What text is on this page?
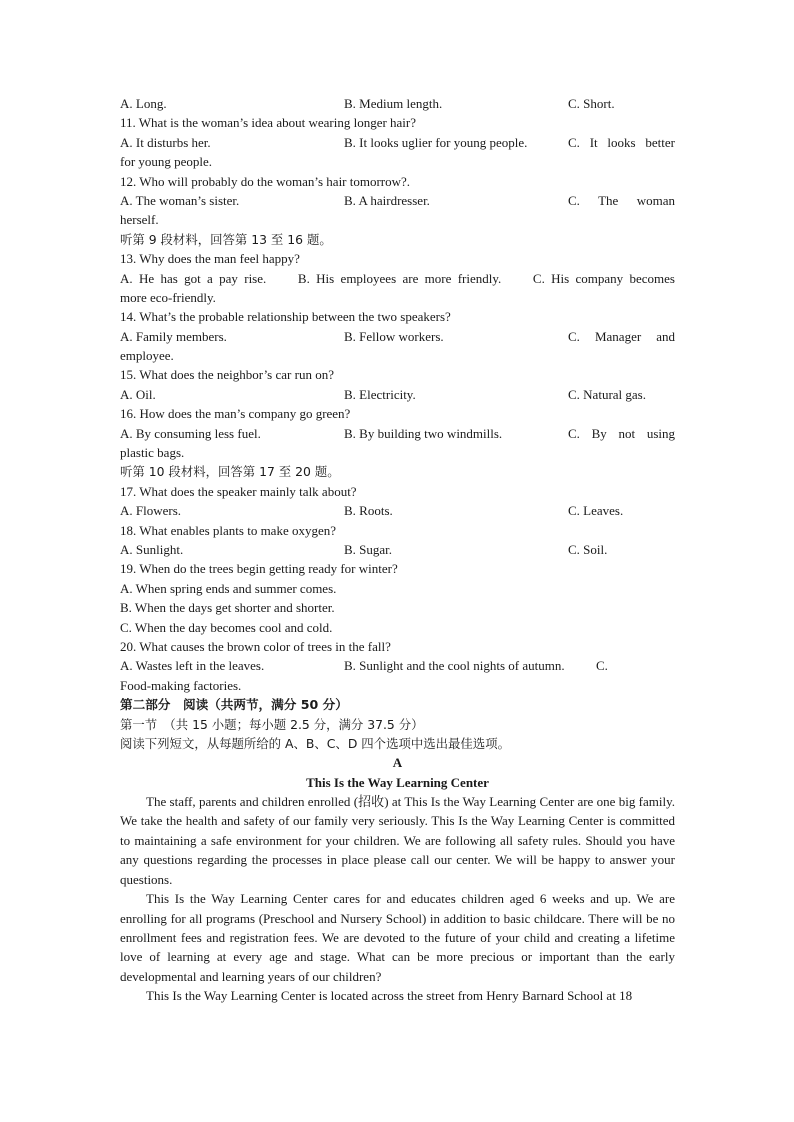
A. Long.	B. Medium length.	C. Short.
11. What is the woman’s idea about wearing longer hair?
A. It disturbs her.	B. It looks uglier for young people.	C. It looks better
for young people.
12. Who will probably do the woman’s hair tomorrow?.
A. The woman’s sister.	B. A hairdresser.	C. The woman
herself.
听第 9 段材料，回答第 13 至 16 题。
13. Why does the man feel happy?
A. He has got a pay rise.     B. His employees are more friendly.     C. His company becomes
more eco-friendly.
14. What’s the probable relationship between the two speakers?
A. Family members.	B. Fellow workers.	C. Manager and
employee.
15. What does the neighbor’s car run on?
A. Oil.	B. Electricity.	C. Natural gas.
16. How does the man’s company go green?
A. By consuming less fuel.	B. By building two windmills.	C. By not using
plastic bags.
听第 10 段材料，回答第 17 至 20 题。
17. What does the speaker mainly talk about?
A. Flowers.	B. Roots.	C. Leaves.
18. What enables plants to make oxygen?
A. Sunlight.	B. Sugar.	C. Soil.
19. When do the trees begin getting ready for winter?
A. When spring ends and summer comes.
B. When the days get shorter and shorter.
C. When the day becomes cool and cold.
20. What causes the brown color of trees in the fall?
A. Wastes left in the leaves.	B. Sunlight and the cool nights of autumn.	C.
Food-making factories.
第二部分　阅读（共两节，满分 50 分）
第一节　（共 15 小题；每小题 2.5 分，满分 37.5 分）
阅读下列短文，从每题所给的 A、B、C、D 四个选项中选出最佳选项。
A
This Is the Way Learning Center
The staff, parents and children enrolled (招收) at This Is the Way Learning Center are one big family. We take the health and safety of our family very seriously. This Is the Way Learning Center is committed to maintaining a safe environment for your children. We are following all safety rules. Should you have any questions regarding the processes in place please call our center. We will be happy to answer your questions.
This Is the Way Learning Center cares for and educates children aged 6 weeks and up. We are enrolling for all programs (Preschool and Nursery School) in addition to basic childcare. There will be no enrollment fees and registration fees. We are devoted to the future of your child and creating a lifetime love of learning at every age and stage. What can be more precious or important than the early developmental and learning years of our children?
This Is the Way Learning Center is located across the street from Henry Barnard School at 18
